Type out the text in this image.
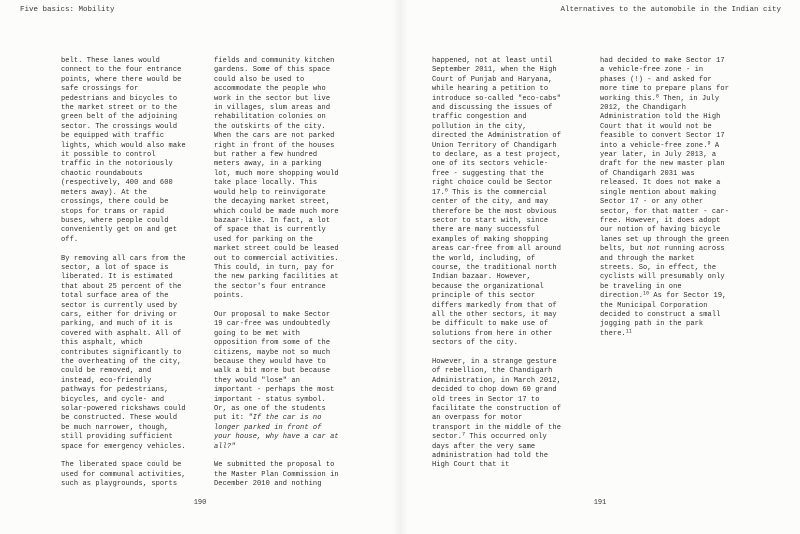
Five basics: Mobility	Alternatives to the automobile in the Indian city

belt. These lanes would connect to the four entrance points, where there would be safe crossings for pedestrians and bicycles to the market street or to the green belt of the adjoining sector. The crossings would be equipped with traffic lights, which would also make it possible to control traffic in the notoriously chaotic roundabouts (respectively, 400 and 600 meters away). At the crossings, there could be stops for trams or rapid buses, where people could conveniently get on and get off.

By removing all cars from the sector, a lot of space is liberated. It is estimated that about 25 percent of the total surface area of the sector is currently used by cars, either for driving or parking, and much of it is covered with asphalt. All of this asphalt, which contributes significantly to the overheating of the city, could be removed, and instead, eco-friendly pathways for pedestrians, bicycles, and cycle- and solar-powered rickshaws could be constructed. These would be much narrower, though, still providing sufficient space for emergency vehicles.

The liberated space could be used for communal activities, such as playgrounds, sports

fields and community kitchen gardens. Some of this space could also be used to accommodate the people who work in the sector but live in villages, slum areas and rehabilitation colonies on the outskirts of the city. When the cars are not parked right in front of the houses but rather a few hundred meters away, in a parking lot, much more shopping would take place locally. This would help to reinvigorate the decaying market street, which could be made much more bazaar-like. In fact, a lot of space that is currently used for parking on the market street could be leased out to commercial activities. This could, in turn, pay for the new parking facilities at the sector's four entrance points.

Our proposal to make Sector 19 car-free was undoubtedly going to be met with opposition from some of the citizens, maybe not so much because they would have to walk a bit more but because they would "lose" an important - perhaps the most important - status symbol. Or, as one of the students put it: "If the car is no longer parked in front of your house, why have a car at all?"

We submitted the proposal to the Master Plan Commission in December 2010 and nothing

happened, not at least until September 2011, when the High Court of Punjab and Haryana, while hearing a petition to introduce so-called "eco-cabs" and discussing the issues of traffic congestion and pollution in the city, directed the Administration of Union Territory of Chandigarh to declare, as a test project, one of its sectors vehicle-free - suggesting that the right choice could be Sector 17.$^6$ This is the commercial center of the city, and may therefore be the most obvious sector to start with, since there are many successful examples of making shopping areas car-free from all around the world, including, of course, the traditional north Indian bazaar. However, because the organizational principle of this sector differs markedly from that of all the other sectors, it may be difficult to make use of solutions from here in other sectors of the city.

However, in a strange gesture of rebellion, the Chandigarh Administration, in March 2012, decided to chop down 60 grand old trees in Sector 17 to facilitate the construction of an overpass for motor transport in the middle of the sector.$^7$ This occurred only days after the very same administration had told the High Court that it

had decided to make Sector 17 a vehicle-free zone - in phases (!) - and asked for more time to prepare plans for working this.$^8$ Then, in July 2012, the Chandigarh Administration told the High Court that it would not be feasible to convert Sector 17 into a vehicle-free zone.$^9$ A year later, in July 2013, a draft for the new master plan of Chandigarh 2031 was released. It does not make a single mention about making Sector 17 - or any other sector, for that matter - car-free. However, it does adopt our notion of having bicycle lanes set up through the green belts, but not running across and through the market streets. So, in effect, the cyclists will presumably only be traveling in one direction.$^{10}$ As for Sector 19, the Municipal Corporation decided to construct a small jogging path in the park there.$^{11}$

190	191
